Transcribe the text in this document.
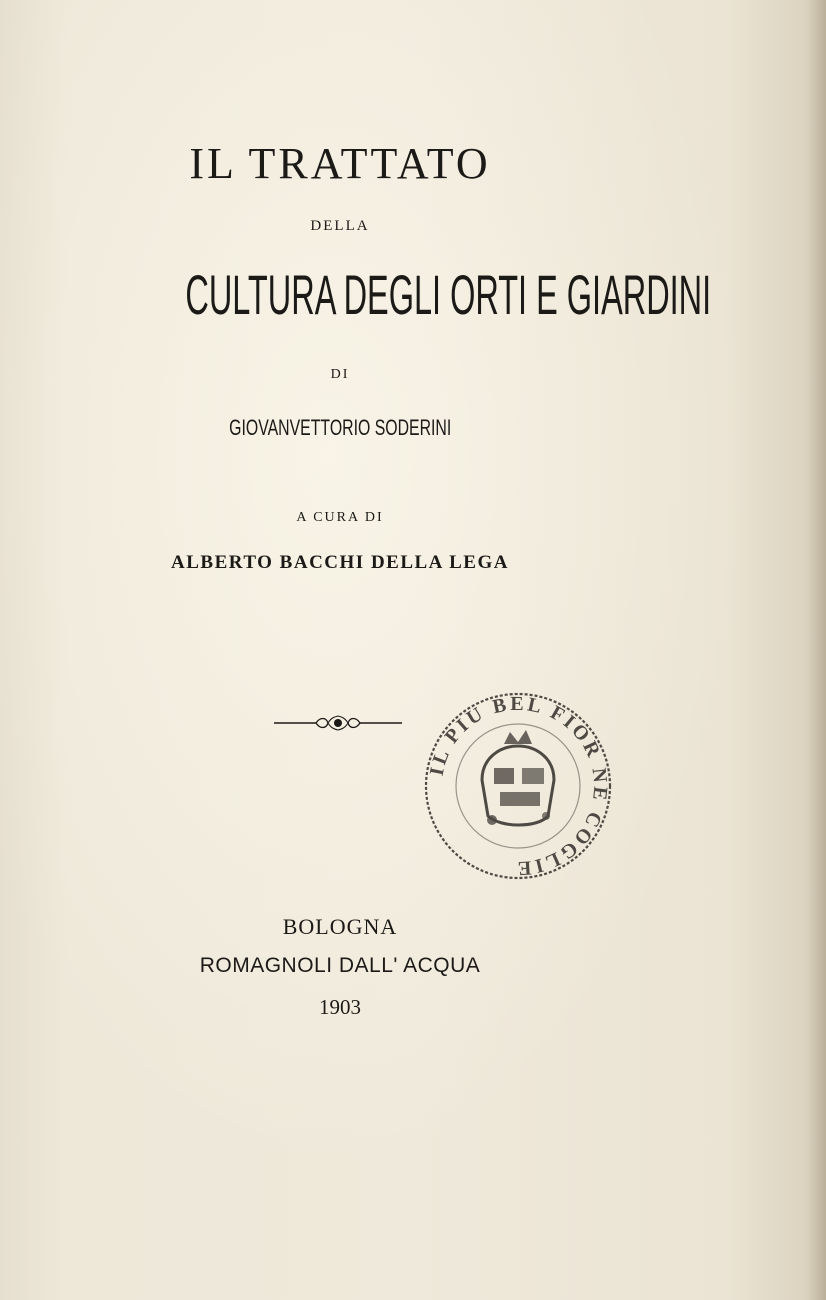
IL TRATTATO
DELLA
CULTURA DEGLI ORTI E GIARDINI
DI
GIOVANVETTORIO SODERINI
A CURA DI
ALBERTO BACCHI DELLA LEGA
IL PIU BEL FIOR NE COGLIE
BOLOGNA
ROMAGNOLI DALL' ACQUA
1903
